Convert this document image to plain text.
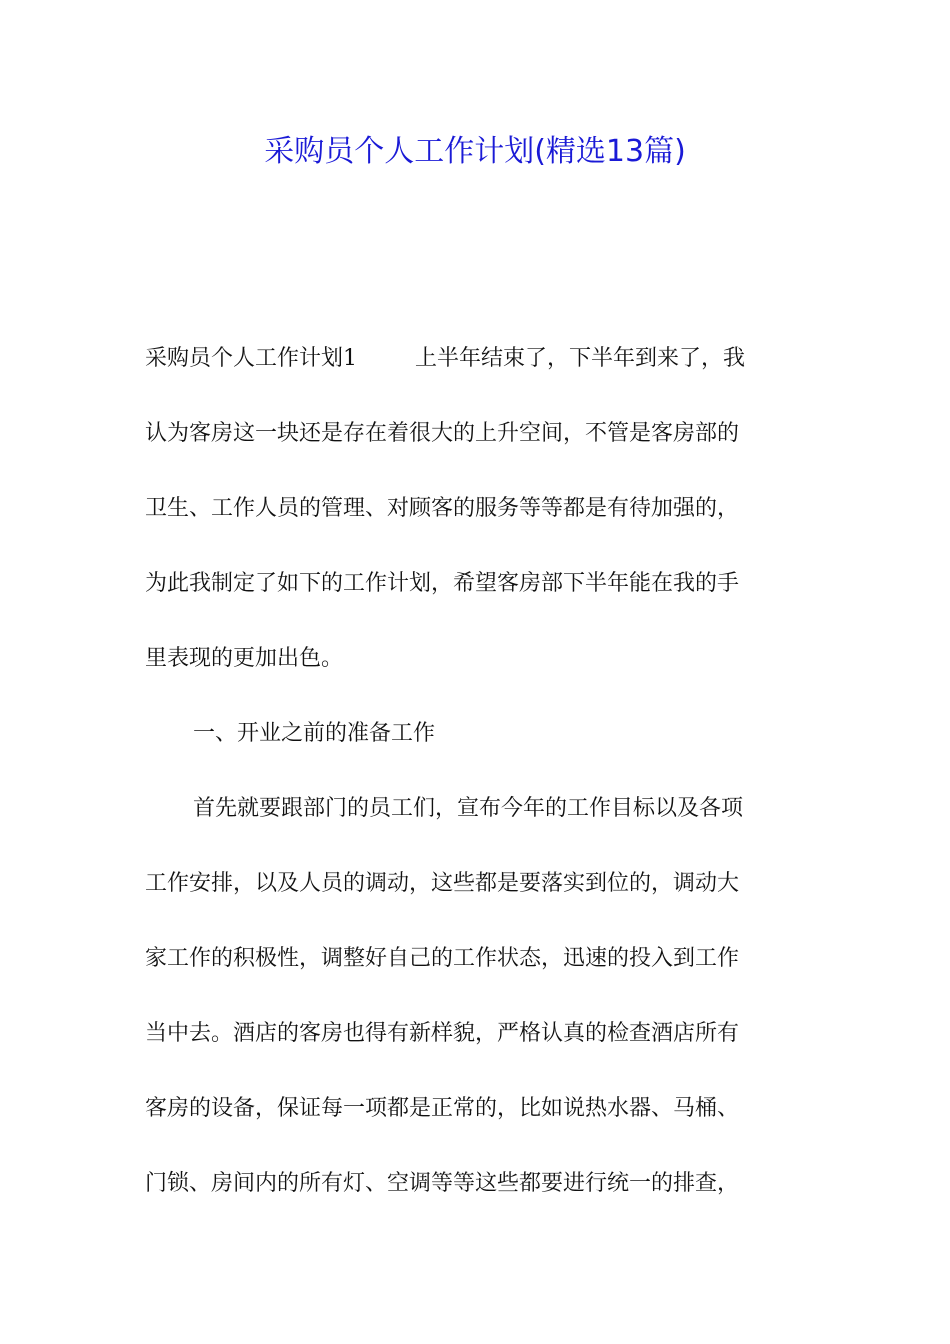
采购员个人工作计划(精选13篇)
采购员个人工作计划1	上半年结束了，下半年到来了，我
认为客房这一块还是存在着很大的上升空间，不管是客房部的
卫生、工作人员的管理、对顾客的服务等等都是有待加强的，
为此我制定了如下的工作计划，希望客房部下半年能在我的手
里表现的更加出色。
一、开业之前的准备工作
首先就要跟部门的员工们，宣布今年的工作目标以及各项
工作安排，以及人员的调动，这些都是要落实到位的，调动大
家工作的积极性，调整好自己的工作状态，迅速的投入到工作
当中去。酒店的客房也得有新样貌，严格认真的检查酒店所有
客房的设备，保证每一项都是正常的，比如说热水器、马桶、
门锁、房间内的所有灯、空调等等这些都要进行统一的排查，
